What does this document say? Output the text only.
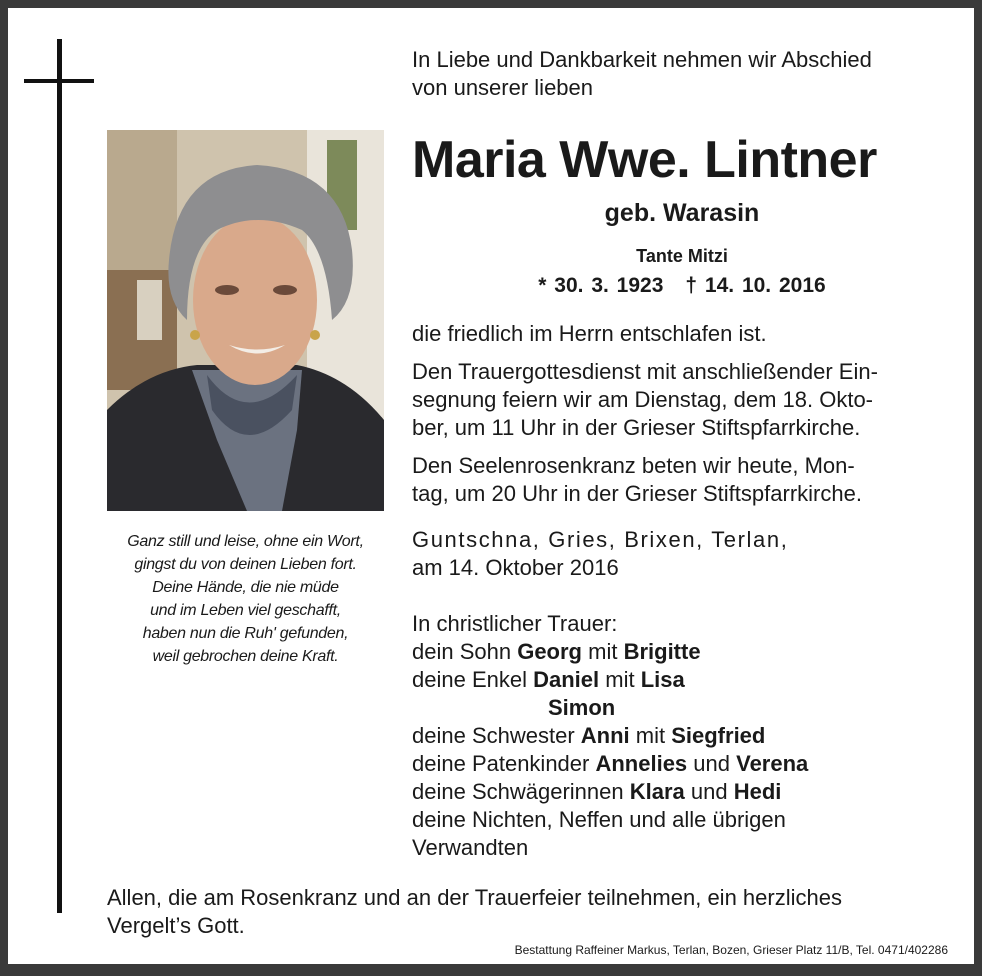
In Liebe und Dankbarkeit nehmen wir Abschied
von unserer lieben
Maria Wwe. Lintner
geb. Warasin
Tante Mitzi
* 30. 3. 1923 † 14. 10. 2016
die friedlich im Herrn entschlafen ist.
Den Trauergottesdienst mit anschließender Ein-
segnung feiern wir am Dienstag, dem 18. Okto-
ber, um 11 Uhr in der Grieser Stiftspfarrkirche.
Den Seelenrosenkranz beten wir heute, Mon-
tag, um 20 Uhr in der Grieser Stiftspfarrkirche.
Guntschna, Gries, Brixen, Terlan,
am 14. Oktober 2016
In christlicher Trauer:
dein Sohn Georg mit Brigitte
deine Enkel Daniel mit Lisa
Simon
deine Schwester Anni mit Siegfried
deine Patenkinder Annelies und Verena
deine Schwägerinnen Klara und Hedi
deine Nichten, Neffen und alle übrigen
Verwandten
Ganz still und leise, ohne ein Wort,
gingst du von deinen Lieben fort.
Deine Hände, die nie müde
und im Leben viel geschafft,
haben nun die Ruh' gefunden,
weil gebrochen deine Kraft.
Allen, die am Rosenkranz und an der Trauerfeier teilnehmen, ein herzliches
Vergelt’s Gott.
Bestattung Raffeiner Markus, Terlan, Bozen, Grieser Platz 11/B, Tel. 0471/402286
